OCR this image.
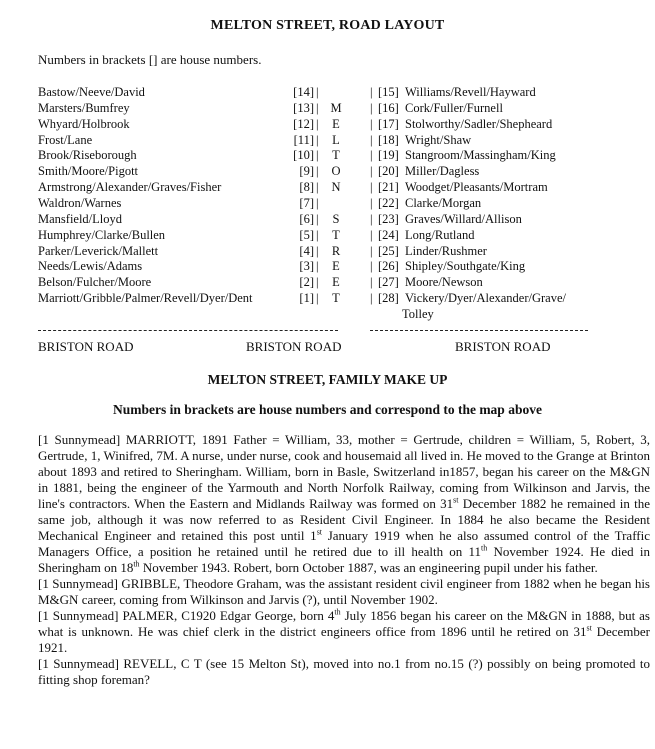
MELTON STREET, ROAD LAYOUT
Numbers in brackets [] are house numbers.
Bastow/Neeve/David	[14] |	| [15] Williams/Revell/Hayward
Marsters/Bumfrey	[13] | M | [16] Cork/Fuller/Furnell
Whyard/Holbrook	[12] |	E	| [17] Stolworthy/Sadler/Shepheard
Frost/Lane	[11] |	L	| [18] Wright/Shaw
Brook/Riseborough	[10] |	T	| [19] Stangroom/Massingham/King
Smith/Moore/Pigott	[9] |	O	| [20] Miller/Dagless
Armstrong/Alexander/Graves/Fisher	[8] |	N	| [21] Woodget/Pleasants/Mortram
Waldron/Warnes	[7] |	| [22] Clarke/Morgan
Mansfield/Lloyd	[6] |	S	| [23] Graves/Willard/Allison
Humphrey/Clarke/Bullen	[5] |	T	| [24] Long/Rutland
Parker/Leverick/Mallett	[4] |	R	| [25] Linder/Rushmer
Needs/Lewis/Adams	[3] |	E	| [26] Shipley/Southgate/King
Belson/Fulcher/Moore	[2] |	E	| [27] Moore/Newson
Marriott/Gribble/Palmer/Revell/Dyer/Dent	[1] |	T	| [28] Vickery/Dyer/Alexander/Grave/
Tolley
BRISTON ROAD	BRISTON ROAD	BRISTON ROAD
MELTON STREET, FAMILY MAKE UP
Numbers in brackets are house numbers and correspond to the map above

[1 Sunnymead] MARRIOTT, 1891 Father = William, 33, mother = Gertrude, children = William, 5, Robert, 3, Gertrude, 1, Winifred, 7M. A nurse, under nurse, cook and housemaid all lived in. He moved to the Grange at Brinton about 1893 and retired to Sheringham. William, born in Basle, Switzerland in1857, began his career on the M&GN in 1881, being the engineer of the Yarmouth and North Norfolk Railway, coming from Wilkinson and Jarvis, the line's contractors. When the Eastern and Midlands Railway was formed on 31st December 1882 he remained in the same job, although it was now referred to as Resident Civil Engineer. In 1884 he also became the Resident Mechanical Engineer and retained this post until 1st January 1919 when he also assumed control of the Traffic Managers Office, a position he retained until he retired due to ill health on 11th November 1924. He died in Sheringham on 18th November 1943. Robert, born October 1887, was an engineering pupil under his father.

[1 Sunnymead] GRIBBLE, Theodore Graham, was the assistant resident civil engineer from 1882 when he began his M&GN career, coming from Wilkinson and Jarvis (?), until November 1902.

[1 Sunnymead] PALMER, C1920 Edgar George, born 4th July 1856 began his career on the M&GN in 1888, but as what is unknown. He was chief clerk in the district engineers office from 1896 until he retired on 31st December 1921.

[1 Sunnymead] REVELL, C T (see 15 Melton St), moved into no.1 from no.15 (?) possibly on being promoted to fitting shop foreman?
